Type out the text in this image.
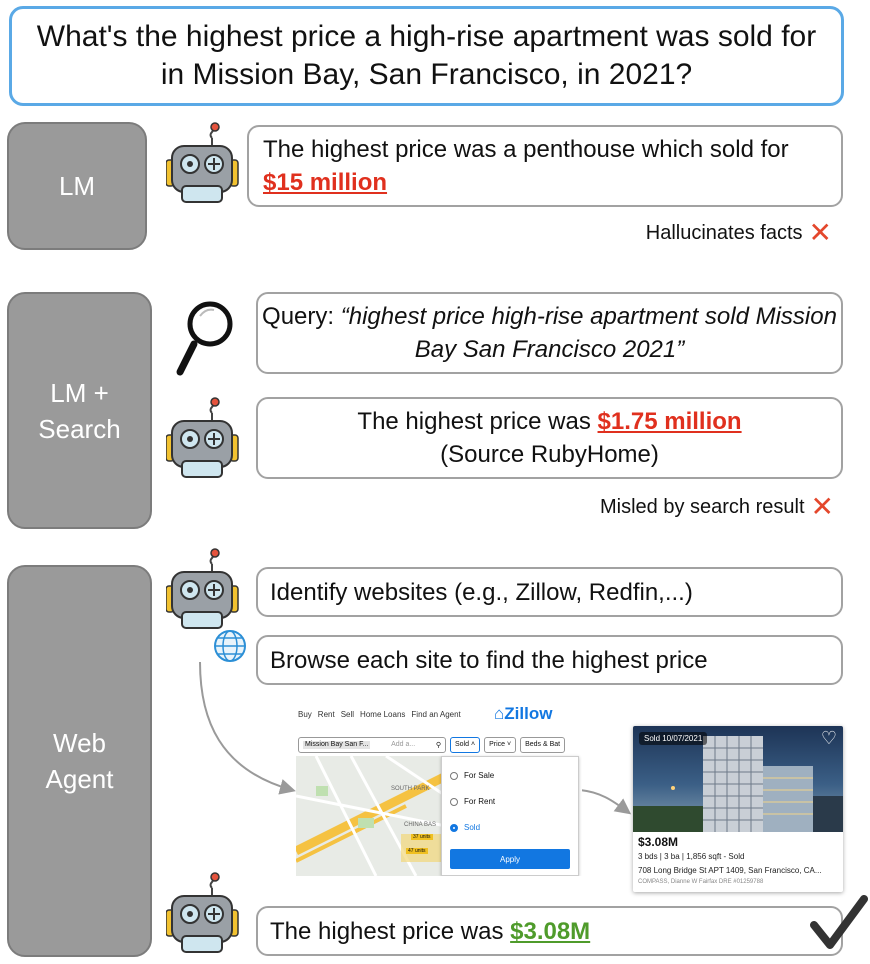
What's the highest price a high-rise apartment was sold for in Mission Bay, San Francisco, in 2021?
LM
The highest price was a penthouse which sold for $15 million
Hallucinates facts ✕
LM +
Search
Query: “highest price high-rise apartment sold Mission Bay San Francisco 2021”
The highest price was $1.75 million
(Source RubyHome)
Misled by search result ✕
Web
Agent
Identify websites (e.g., Zillow, Redfin,...)
Browse each site to find the highest price
Buy Rent Sell Home Loans Find an Agent ⌂Zillow
Mission Bay San F...	Add a...	⚲	Sold ˄	Price ˅	Beds & Bat
SOUTH PARK
CHINA BAS
37 units
47 units
For Sale
For Rent
Sold
Apply
Sold 10/07/2021	♡
$3.08M
3 bds | 3 ba | 1,856 sqft - Sold
708 Long Bridge St APT 1409, San Francisco, CA...
COMPASS, Dianne W Fairfax DRE #01259788
The highest price was $3.08M
